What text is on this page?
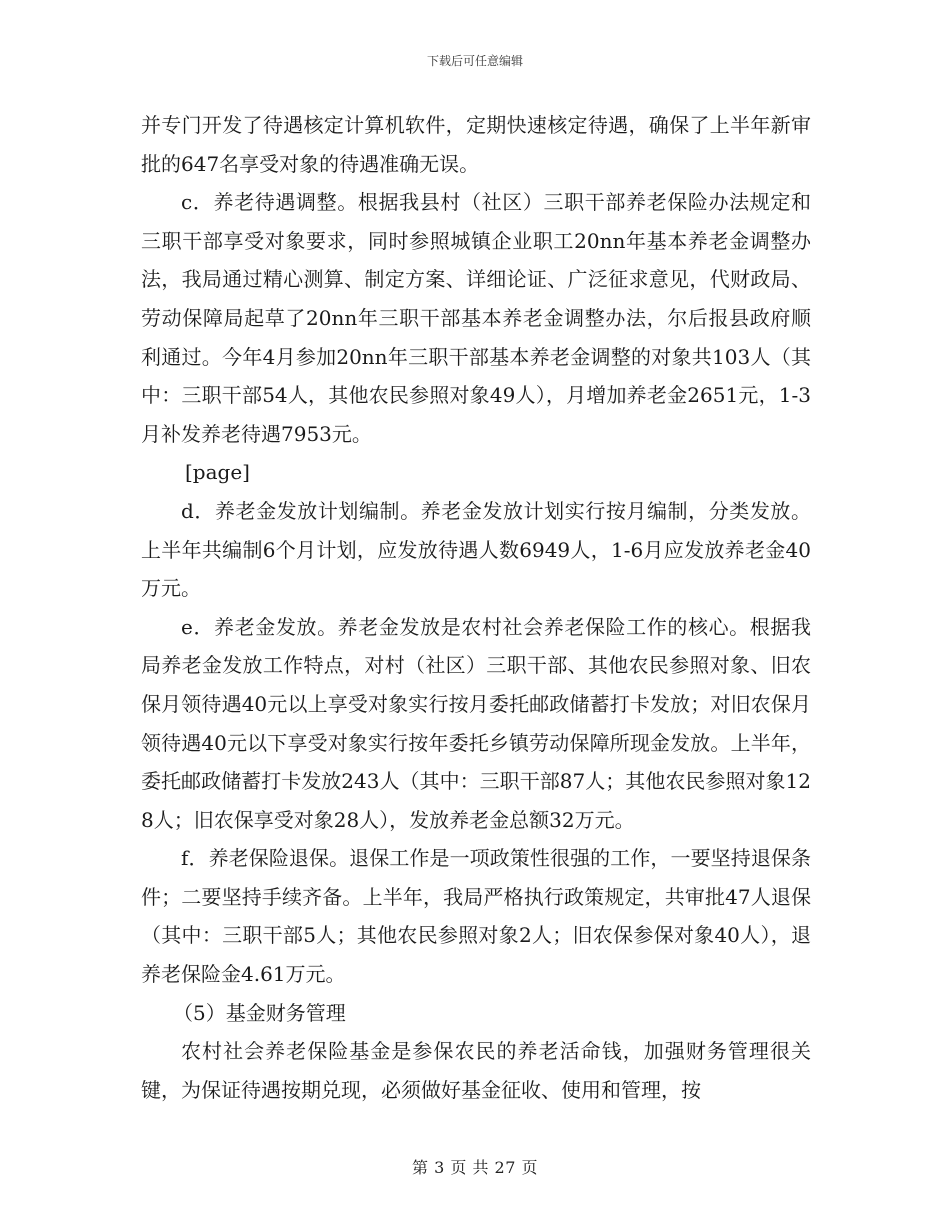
下载后可任意编辑

并专门开发了待遇核定计算机软件，定期快速核定待遇，确保了上半年新审批的647名享受对象的待遇准确无误。

c．养老待遇调整。根据我县村（社区）三职干部养老保险办法规定和三职干部享受对象要求，同时参照城镇企业职工20nn年基本养老金调整办法，我局通过精心测算、制定方案、详细论证、广泛征求意见，代财政局、劳动保障局起草了20nn年三职干部基本养老金调整办法，尔后报县政府顺利通过。今年4月参加20nn年三职干部基本养老金调整的对象共103人（其中：三职干部54人，其他农民参照对象49人），月增加养老金2651元，1-3月补发养老待遇7953元。

[page]

d．养老金发放计划编制。养老金发放计划实行按月编制，分类发放。上半年共编制6个月计划，应发放待遇人数6949人，1-6月应发放养老金40万元。

e．养老金发放。养老金发放是农村社会养老保险工作的核心。根据我局养老金发放工作特点，对村（社区）三职干部、其他农民参照对象、旧农保月领待遇40元以上享受对象实行按月委托邮政储蓄打卡发放；对旧农保月领待遇40元以下享受对象实行按年委托乡镇劳动保障所现金发放。上半年，委托邮政储蓄打卡发放243人（其中：三职干部87人；其他农民参照对象128人；旧农保享受对象28人），发放养老金总额32万元。

f．养老保险退保。退保工作是一项政策性很强的工作，一要坚持退保条件；二要坚持手续齐备。上半年，我局严格执行政策规定，共审批47人退保（其中：三职干部5人；其他农民参照对象2人；旧农保参保对象40人），退养老保险金4.61万元。

（5）基金财务管理

农村社会养老保险基金是参保农民的养老活命钱，加强财务管理很关键，为保证待遇按期兑现，必须做好基金征收、使用和管理，按

第 3 页 共 27 页
